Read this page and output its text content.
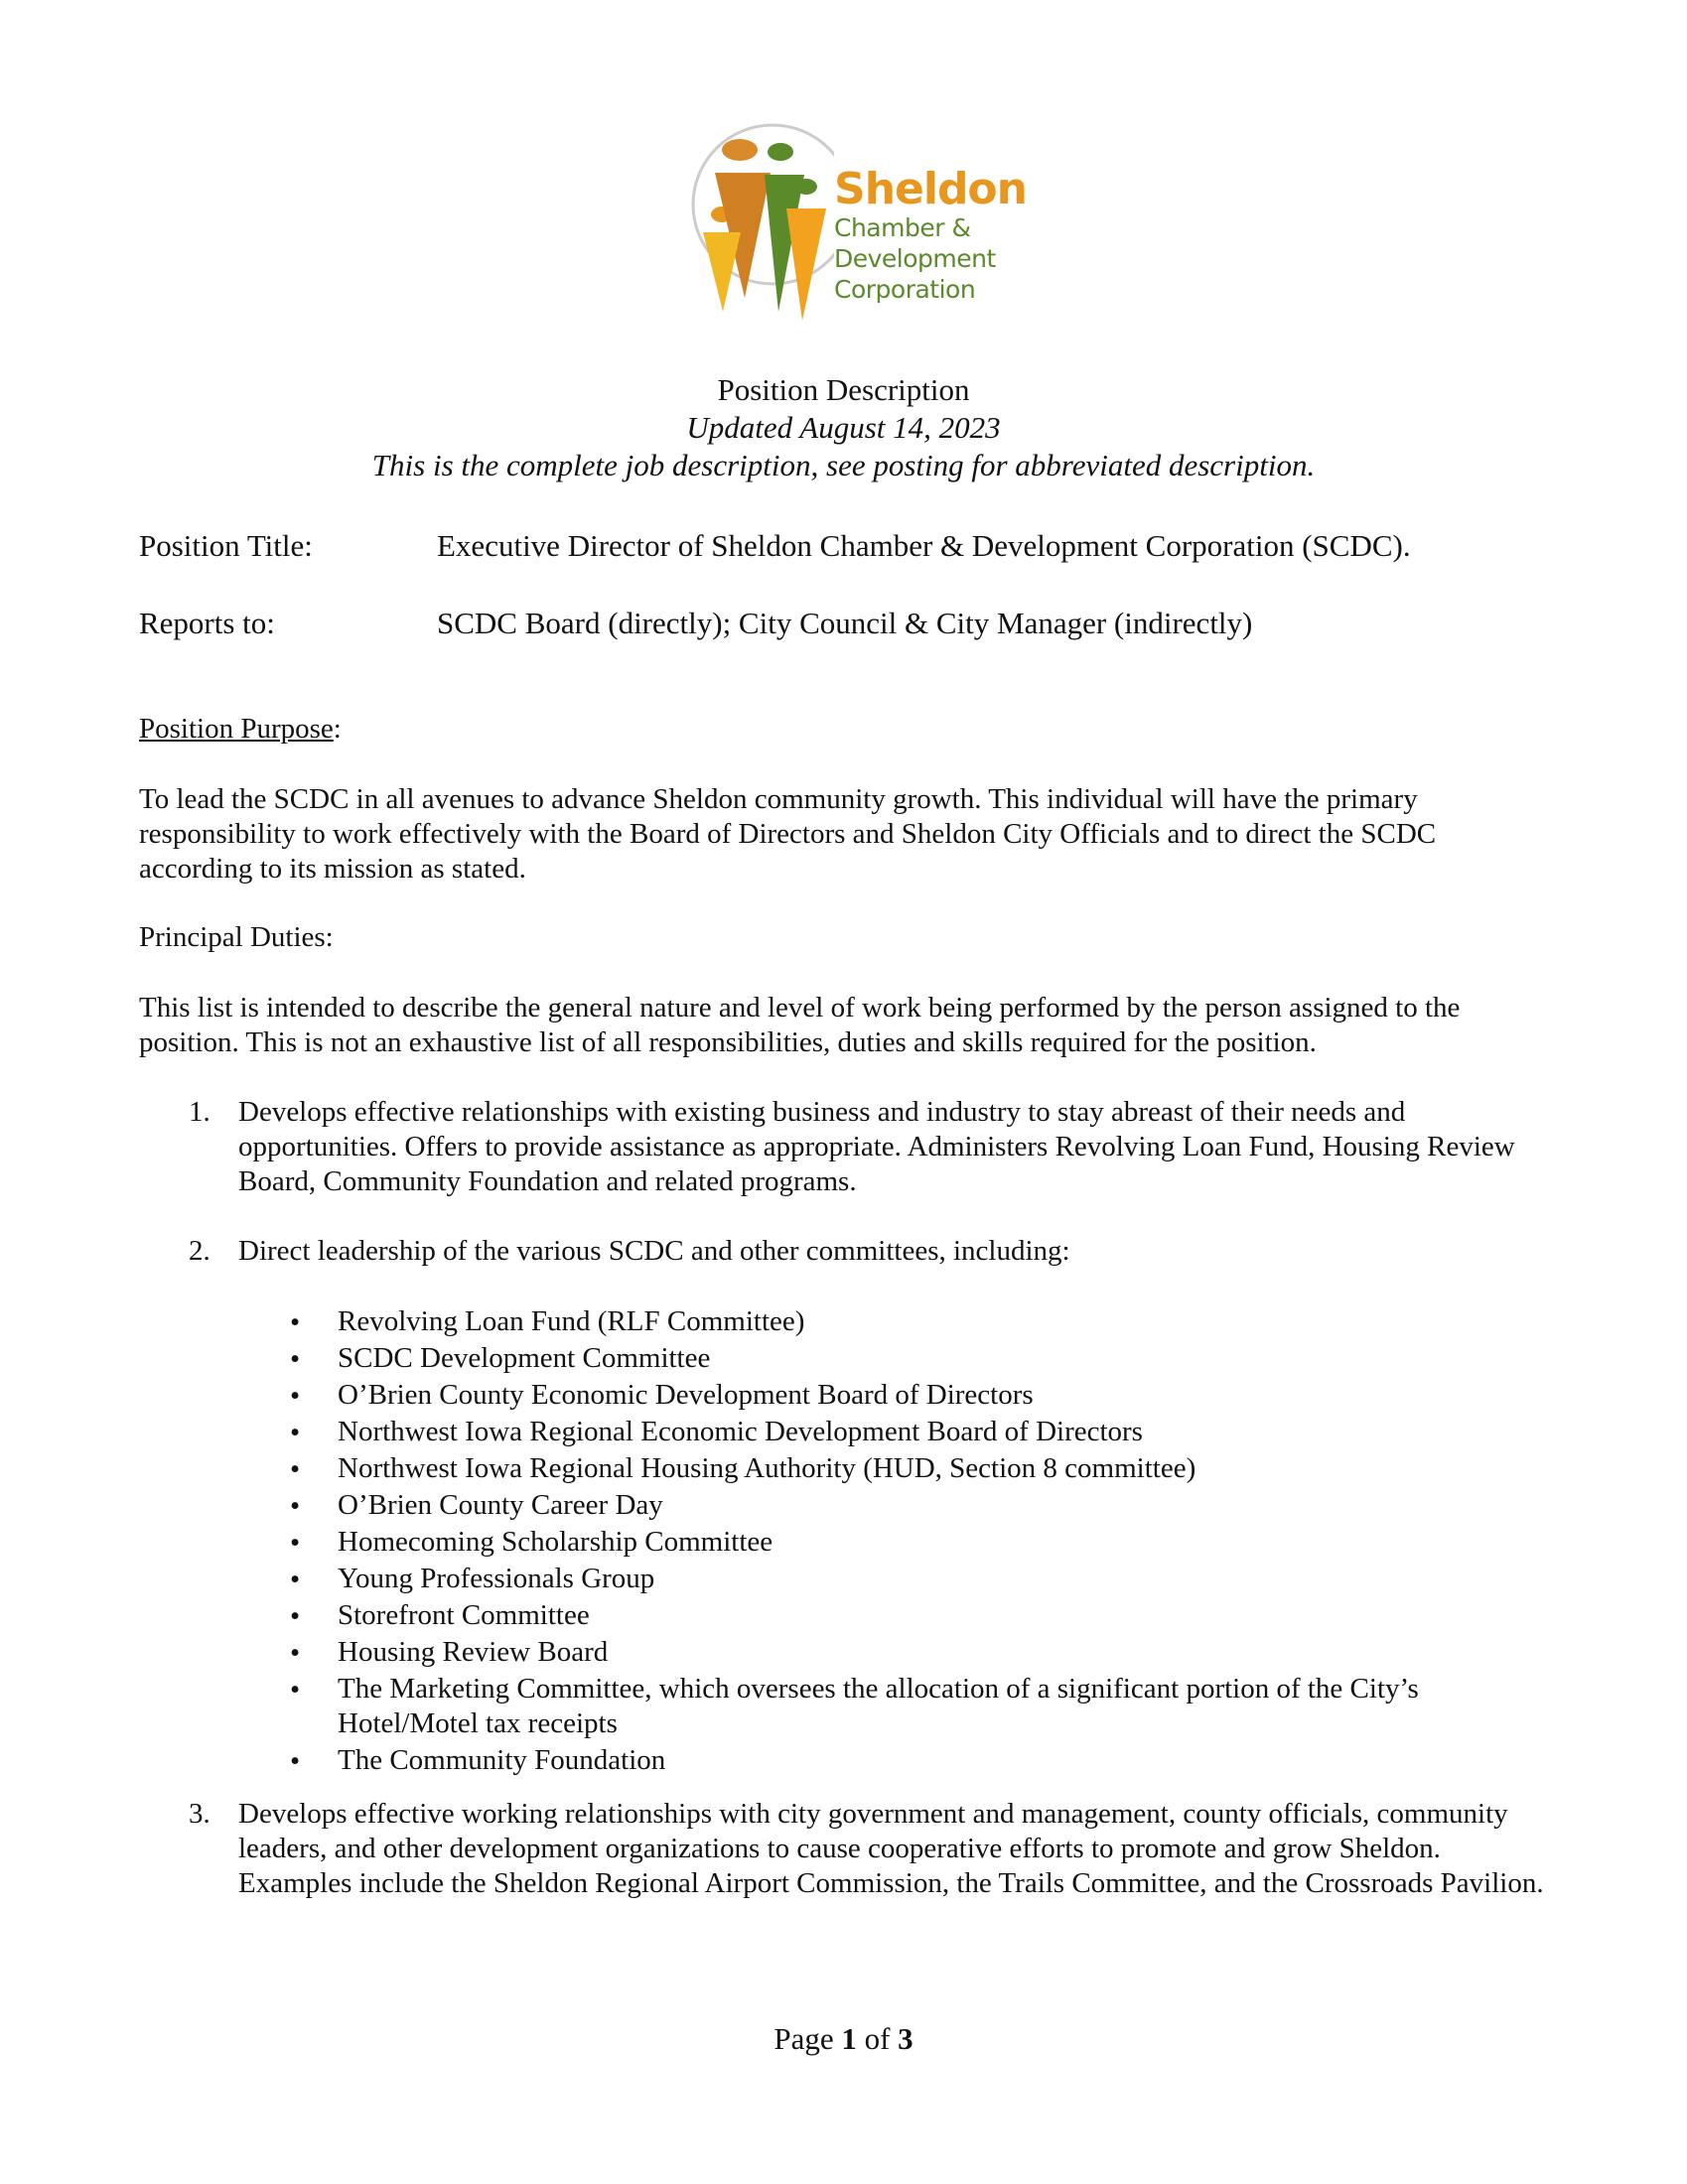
Sheldon
Chamber &
Development
Corporation
Position Description
Updated August 14, 2023
This is the complete job description, see posting for abbreviated description.
Position Title:	Executive Director of Sheldon Chamber & Development Corporation (SCDC).
Reports to:	SCDC Board (directly); City Council & City Manager (indirectly)
Position Purpose:
To lead the SCDC in all avenues to advance Sheldon community growth. This individual will have the primary responsibility to work effectively with the Board of Directors and Sheldon City Officials and to direct the SCDC according to its mission as stated.
Principal Duties:
This list is intended to describe the general nature and level of work being performed by the person assigned to the position. This is not an exhaustive list of all responsibilities, duties and skills required for the position.
1. Develops effective relationships with existing business and industry to stay abreast of their needs and opportunities. Offers to provide assistance as appropriate. Administers Revolving Loan Fund, Housing Review Board, Community Foundation and related programs.
2. Direct leadership of the various SCDC and other committees, including:
• Revolving Loan Fund (RLF Committee)
• SCDC Development Committee
• O’Brien County Economic Development Board of Directors
• Northwest Iowa Regional Economic Development Board of Directors
• Northwest Iowa Regional Housing Authority (HUD, Section 8 committee)
• O’Brien County Career Day
• Homecoming Scholarship Committee
• Young Professionals Group
• Storefront Committee
• Housing Review Board
• The Marketing Committee, which oversees the allocation of a significant portion of the City’s Hotel/Motel tax receipts
• The Community Foundation
3. Develops effective working relationships with city government and management, county officials, community leaders, and other development organizations to cause cooperative efforts to promote and grow Sheldon. Examples include the Sheldon Regional Airport Commission, the Trails Committee, and the Crossroads Pavilion.
Page 1 of 3
